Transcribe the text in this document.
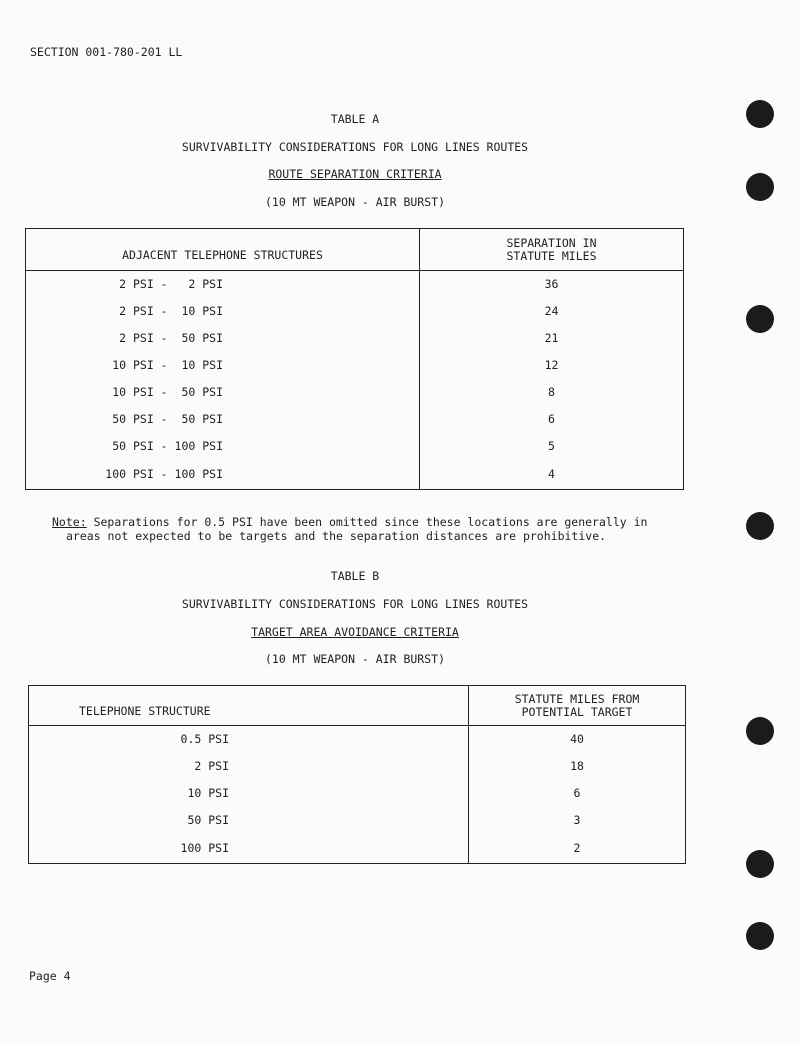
SECTION 001-780-201 LL
TABLE A
SURVIVABILITY CONSIDERATIONS FOR LONG LINES ROUTES
ROUTE SEPARATION CRITERIA
(10 MT WEAPON - AIR BURST)
ADJACENT TELEPHONE STRUCTURES	SEPARATION IN
STATUTE MILES

2 PSI -   2 PSI	36
2 PSI -  10 PSI	24
2 PSI -  50 PSI	21
10 PSI -  10 PSI	12
10 PSI -  50 PSI	8
50 PSI -  50 PSI	6
50 PSI - 100 PSI	5
100 PSI - 100 PSI	4
Note: Separations for 0.5 PSI have been omitted since these locations are generally in
areas not expected to be targets and the separation distances are prohibitive.
TABLE B
SURVIVABILITY CONSIDERATIONS FOR LONG LINES ROUTES
TARGET AREA AVOIDANCE CRITERIA
(10 MT WEAPON - AIR BURST)
TELEPHONE STRUCTURE	STATUTE MILES FROM
POTENTIAL TARGET

0.5 PSI	40
2 PSI	18
10 PSI	6
50 PSI	3
100 PSI	2
Page 4
